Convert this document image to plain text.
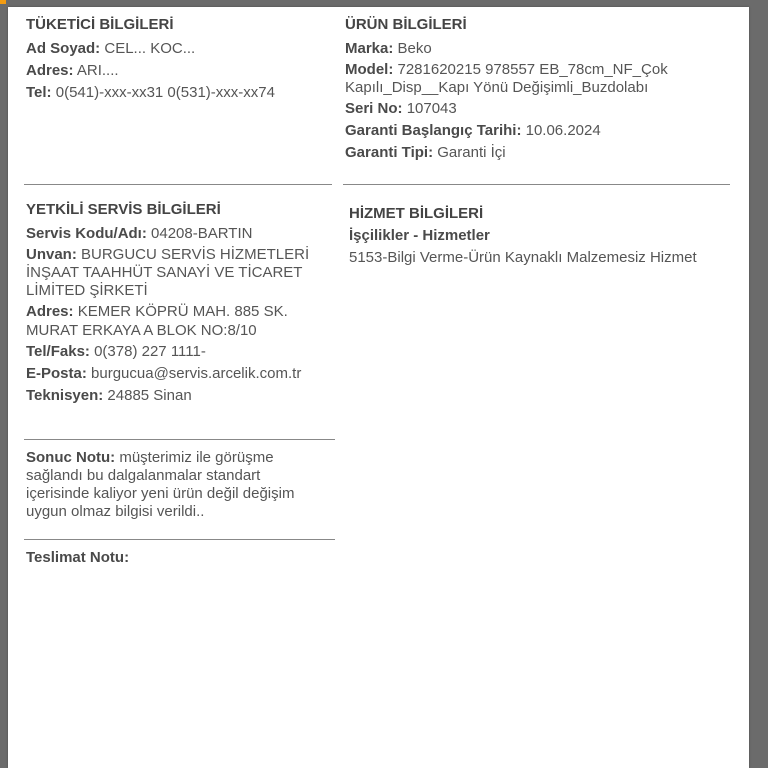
TÜKETİCİ BİLGİLERİ
Ad Soyad: CEL... KOC...
Adres: ARI....
Tel: 0(541)-xxx-xx31 0(531)-xxx-xx74
ÜRÜN BİLGİLERİ
Marka: Beko
Model: 7281620215 978557 EB_78cm_NF_Çok Kapılı_Disp__Kapı Yönü Değişimli_Buzdolabı
Seri No: 107043
Garanti Başlangıç Tarihi: 10.06.2024
Garanti Tipi: Garanti İçi
YETKİLİ SERVİS BİLGİLERİ
Servis Kodu/Adı: 04208-BARTIN
Unvan: BURGUCU SERVİS HİZMETLERİ İNŞAAT TAAHHÜT SANAYİ VE TİCARET LİMİTED ŞİRKETİ
Adres: KEMER KÖPRÜ MAH. 885 SK. MURAT ERKAYA A BLOK NO:8/10
Tel/Faks: 0(378) 227 1111-
E-Posta: burgucua@servis.arcelik.com.tr
Teknisyen: 24885 Sinan
HİZMET BİLGİLERİ
İşçilikler - Hizmetler
5153-Bilgi Verme-Ürün Kaynaklı Malzemesiz Hizmet
Sonuc Notu: müşterimiz ile görüşme sağlandı bu dalgalanmalar standart içerisinde kaliyor yeni ürün değil değişim uygun olmaz bilgisi verildi..
Teslimat Notu:
